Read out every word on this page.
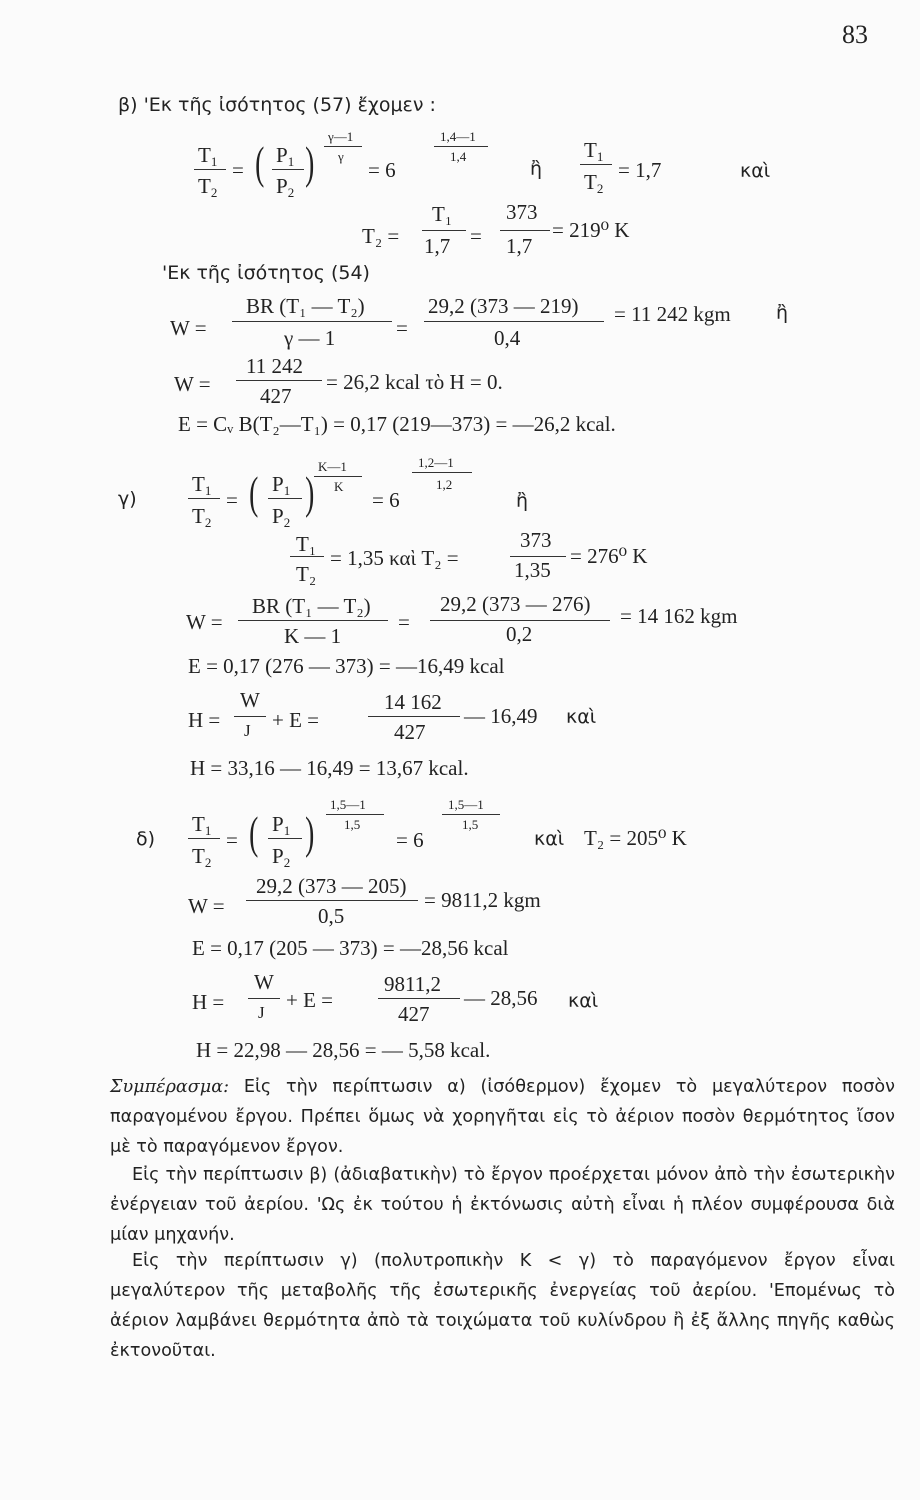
83
β) 'Εκ τῆς ἰσότητος (57) ἔχομεν :
$T_1$
$T_2$
= ( $P_1$
$P_2$
)
γ—1
γ
= 6
1,4—1
1,4
ἢ
$T_1$
$T_2$
= 1,7	καὶ
T₂ =
T₁
1,7 =
373
1,7
= 219⁰ K
'Εκ τῆς ἰσότητος (54)
W =
BR (T₁ — T₂)
γ — 1	=
29,2 (373 — 219)
0,4
= 11 242 kgm ἢ
W =
11 242
427
= 26,2 kcal τὸ H = 0.
E = Cᵥ B(T₂—T₁) = 0,17 (219—373) = —26,2 kcal.
γ)
$T_1$
$T_2$
= ( $P_1$
$P_2$
)
K—1
K
= 6
1,2—1
1,2
ἢ
T₁
T₂
= 1,35 καὶ T₂ =
373
1,35
= 276⁰ K
W =
BR (T₁ — T₂)
K — 1
=
29,2 (373 — 276)
0,2
= 14 162 kgm
E = 0,17 (276 — 373) = —16,49 kcal
H =
W
J + E =
14 162
427
— 16,49 καὶ
H = 33,16 — 16,49 = 13,67 kcal.
δ)
$T_1$
$T_2$
= ( $P_1$
$P_2$
)
1,5—1
1,5
= 6
1,5—1
1,5
καὶ T₂ = 205⁰ K
W =
29,2 (373 — 205)
0,5
= 9811,2 kgm
E = 0,17 (205 — 373) = —28,56 kcal
H =
W
J
+ E =
9811,2
427
— 28,56 καὶ
H = 22,98 — 28,56 = — 5,58 kcal.
Συμπέρασμα: Εἰς τὴν περίπτωσιν α) (ἰσόθερμον) ἔχομεν τὸ μεγαλύτερον ποσὸν παραγομένου ἔργου. Πρέπει ὅμως νὰ χορηγῆται εἰς τὸ ἀέριον ποσὸν θερμότητος ἴσον μὲ τὸ παραγόμενον ἔργον.
Εἰς τὴν περίπτωσιν β) (ἀδιαβατικὴν) τὸ ἔργον προέρχεται μόνον ἀπὸ τὴν ἐσωτερικὴν ἐνέργειαν τοῦ ἀερίου. 'Ως ἐκ τούτου ἡ ἐκτόνωσις αὐτὴ εἶναι ἡ πλέον συμφέρουσα διὰ μίαν μηχανήν.
Εἰς τὴν περίπτωσιν γ) (πολυτροπικὴν K < γ) τὸ παραγόμενον ἔργον εἶναι μεγαλύτερον τῆς μεταβολῆς τῆς ἐσωτερικῆς ἐνεργείας τοῦ ἀερίου. 'Επομένως τὸ ἀέριον λαμβάνει θερμότητα ἀπὸ τὰ τοιχώματα τοῦ κυλίνδρου ἢ ἐξ ἄλλης πηγῆς καθὼς ἐκτονοῦται.
